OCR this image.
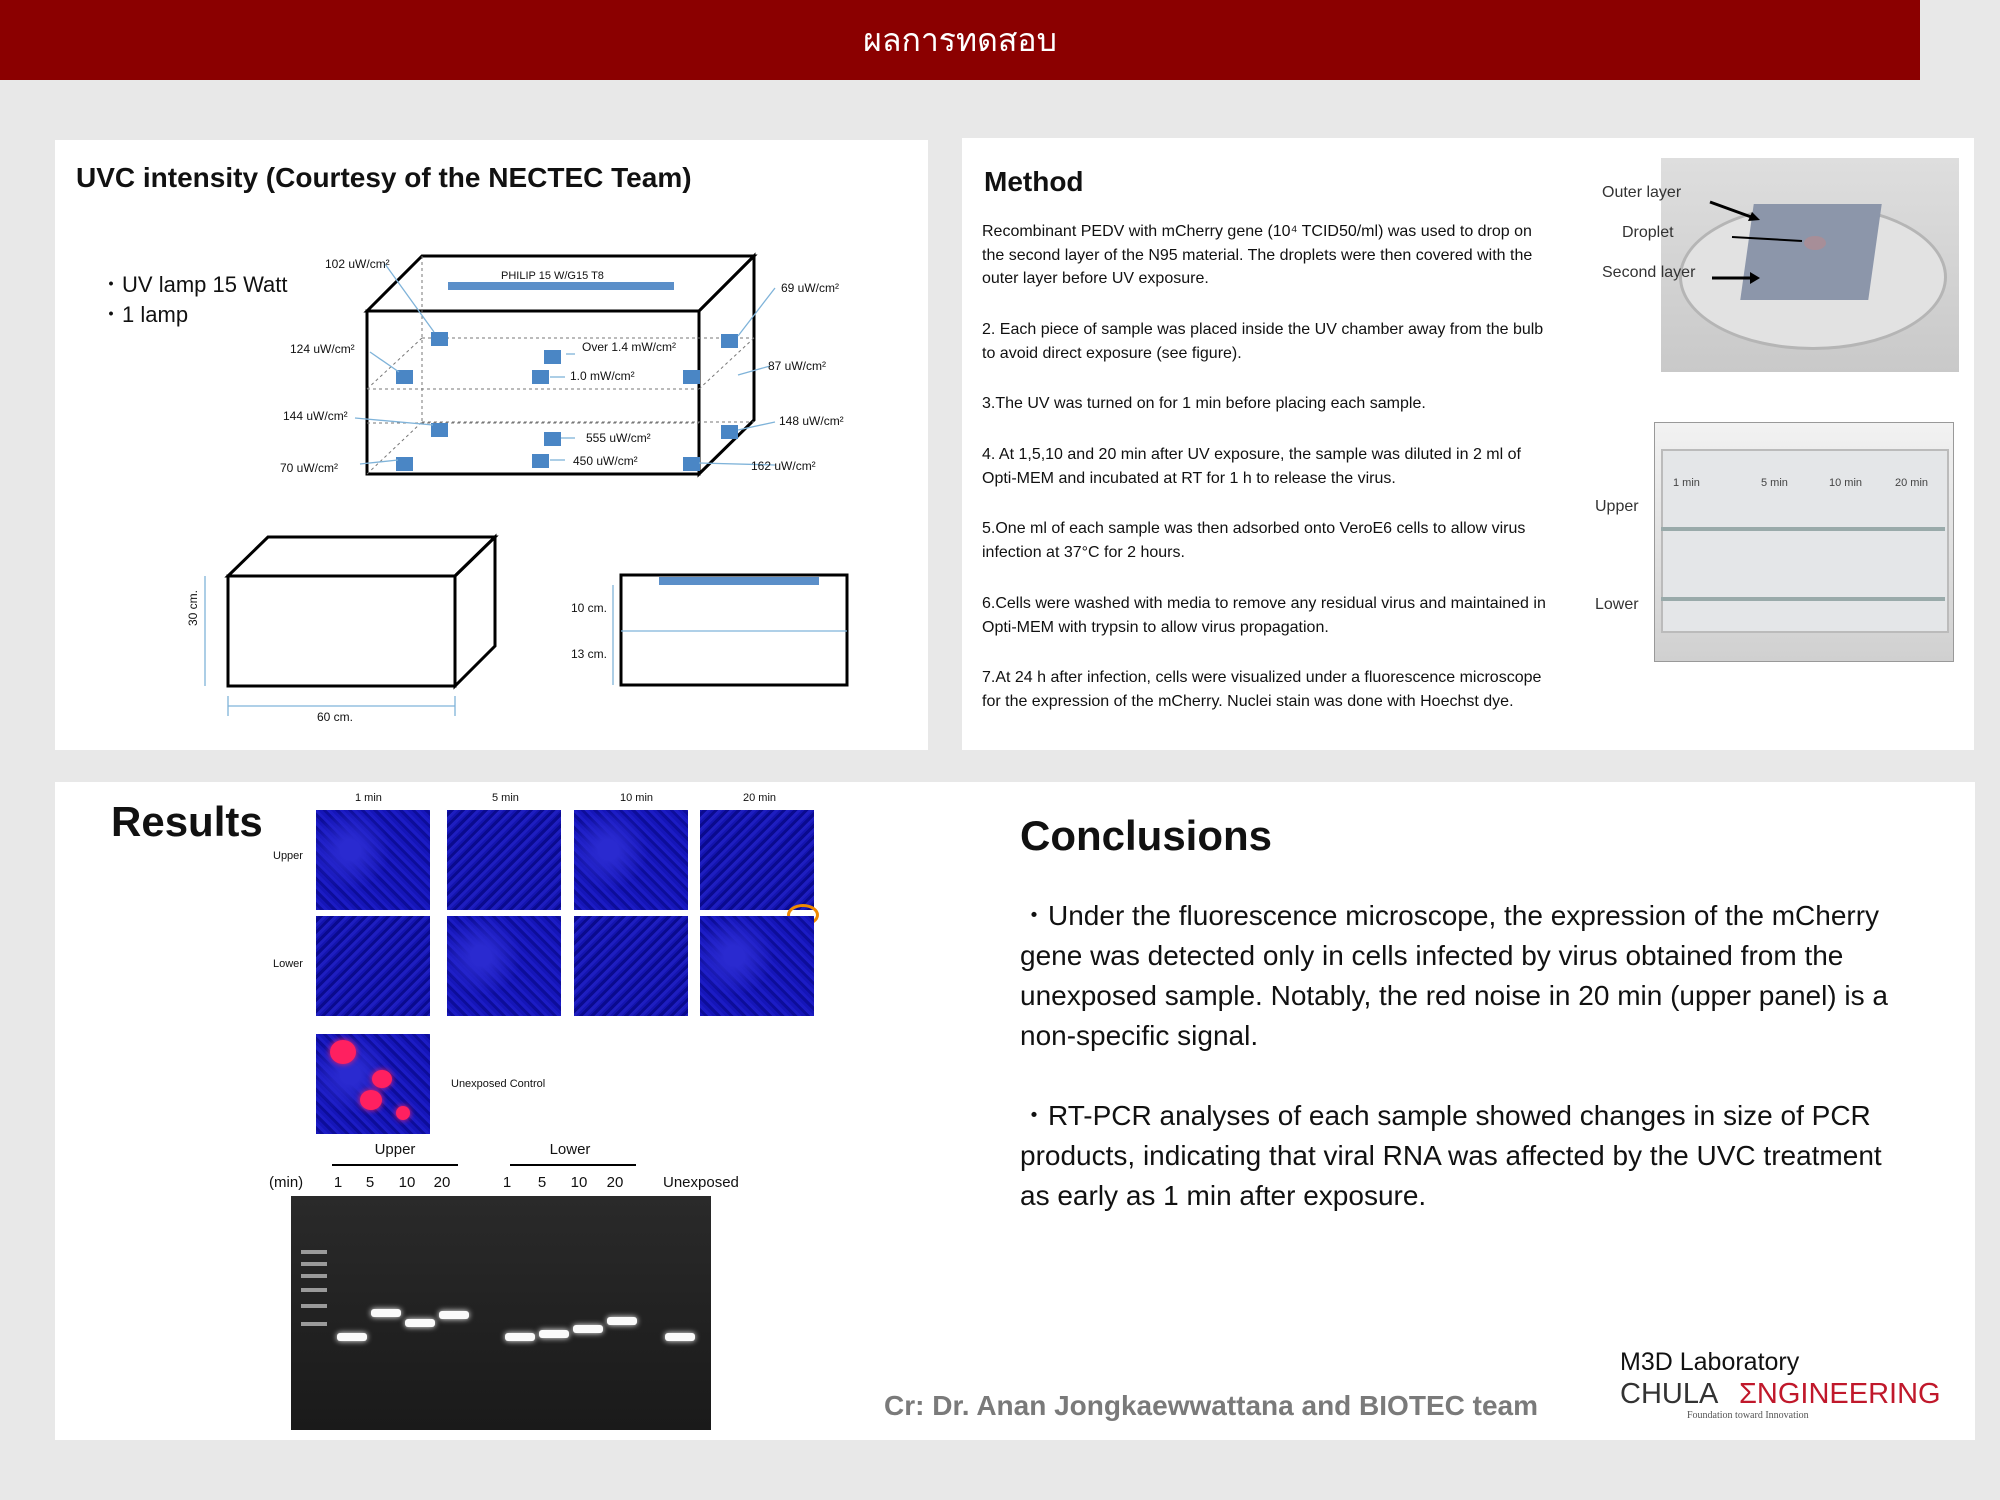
ผลการทดสอบ
UVC intensity (Courtesy of the NECTEC Team)
・UV lamp 15 Watt
・1 lamp
PHILIP 15 W/G15 T8
102 uW/cm²
69 uW/cm²
124 uW/cm²
87 uW/cm²
144 uW/cm²	148 uW/cm²
70 uW/cm²	162 uW/cm²
Over 1.4 mW/cm²
1.0 mW/cm²
555 uW/cm²
450 uW/cm²
30 cm.
60 cm.
10 cm.
13 cm.
Method
Recombinant PEDV with mCherry gene (10⁴ TCID50/ml) was used to drop on the second layer of the N95 material. The droplets were then covered with the outer layer before UV exposure.
2. Each piece of sample was placed inside the UV chamber away from the bulb to avoid direct exposure (see figure).
3.The UV was turned on for 1 min before placing each sample.
4. At 1,5,10 and 20 min after UV exposure, the sample was diluted in 2 ml of Opti-MEM and incubated at RT for 1 h to release the virus.
5.One ml of each sample was then adsorbed onto VeroE6 cells to allow virus infection at 37°C for 2 hours.
6.Cells were washed with media to remove any residual virus and maintained in Opti-MEM with trypsin to allow virus propagation.
7.At 24 h after infection, cells were visualized under a fluorescence microscope for the expression of the mCherry. Nuclei stain was done with Hoechst dye.
Outer layer
Droplet
Second layer
1 min	5 min	10 min	20 min
Upper
Lower
Results	1 min	5 min	10 min	20 min
Upper
Lower
Unexposed Control
Upper	Lower
(min) 1 5 10 20	1 5 10 20	Unexposed
Conclusions
・Under the fluorescence microscope, the expression of the mCherry gene was detected only in cells infected by virus obtained from the unexposed sample. Notably, the red noise in 20 min (upper panel) is a non-specific signal.
・RT-PCR analyses of each sample showed changes in size of PCR products, indicating that viral RNA was affected by the UVC treatment as early as 1 min after exposure.
Cr: Dr. Anan Jongkaewwattana and BIOTEC team
M3D Laboratory
CHULA ΣNGINEERING
Foundation toward Innovation
